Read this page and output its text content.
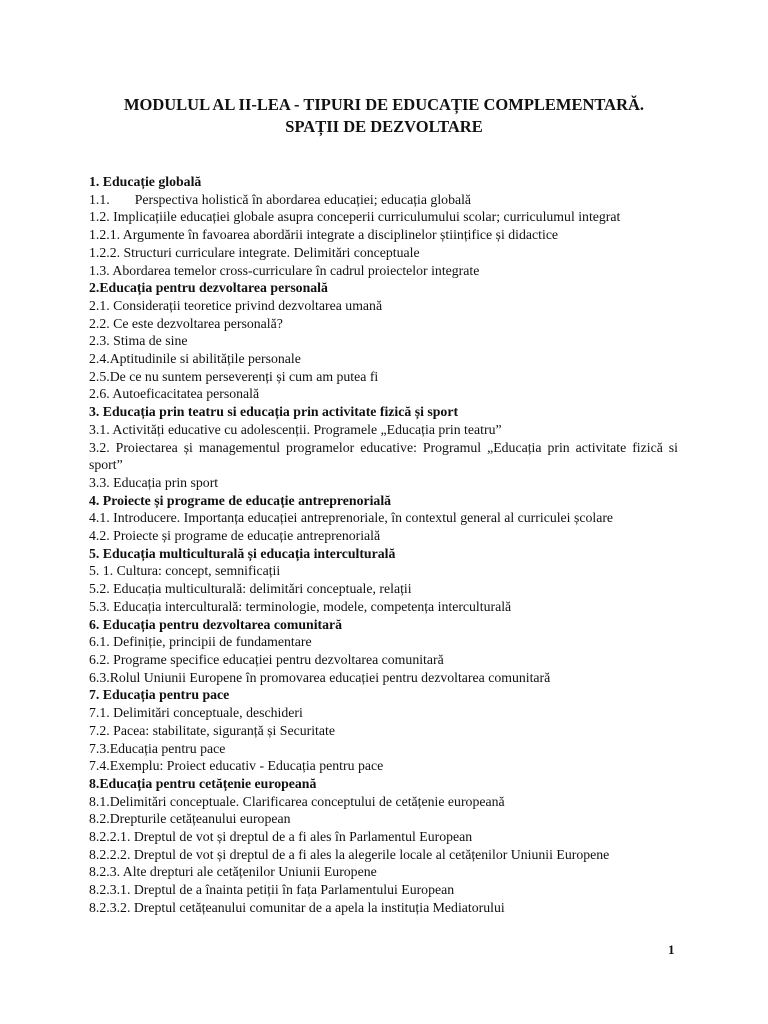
MODULUL AL II-LEA - TIPURI DE EDUCAȚIE COMPLEMENTARĂ.
SPAȚII DE DEZVOLTARE
1. Educație globală
1.1. Perspectiva holistică în abordarea educației; educația globală
1.2. Implicațiile educației globale asupra conceperii curriculumului scolar; curriculumul integrat
1.2.1. Argumente în favoarea abordării integrate a disciplinelor științifice și didactice
1.2.2. Structuri curriculare integrate. Delimitări conceptuale
1.3. Abordarea temelor cross-curriculare în cadrul proiectelor integrate
2.Educația pentru dezvoltarea personală
2.1. Considerații teoretice privind dezvoltarea umană
2.2. Ce este dezvoltarea personală?
2.3. Stima de sine
2.4.Aptitudinile si abilitățile personale
2.5.De ce nu suntem perseverenți și cum am putea fi
2.6. Autoeficacitatea personală
3. Educația prin teatru si educația prin activitate fizică și sport
3.1. Activități educative cu adolescenții. Programele „Educația prin teatru”
3.2. Proiectarea și managementul programelor educative: Programul „Educația prin activitate fizică si sport”
3.3. Educația prin sport
4. Proiecte și programe de educație antreprenorială
4.1. Introducere. Importanța educației antreprenoriale, în contextul general al curriculei școlare
4.2. Proiecte și programe de educație antreprenorială
5. Educația multiculturală și educația interculturală
5. 1. Cultura: concept, semnificații
5.2. Educația multiculturală: delimitări conceptuale, relații
5.3. Educația interculturală: terminologie, modele, competența interculturală
6. Educația pentru dezvoltarea comunitară
6.1. Definiție, principii de fundamentare
6.2. Programe specifice educației pentru dezvoltarea comunitară
6.3.Rolul Uniunii Europene în promovarea educației pentru dezvoltarea comunitară
7. Educația pentru pace
7.1. Delimitări conceptuale, deschideri
7.2. Pacea: stabilitate, siguranță și Securitate
7.3.Educația pentru pace
7.4.Exemplu: Proiect educativ - Educația pentru pace
8.Educația pentru cetățenie europeană
8.1.Delimitări conceptuale. Clarificarea conceptului de cetățenie europeană
8.2.Drepturile cetățeanului european
8.2.2.1. Dreptul de vot și dreptul de a fi ales în Parlamentul European
8.2.2.2. Dreptul de vot și dreptul de a fi ales la alegerile locale al cetățenilor Uniunii Europene
8.2.3. Alte drepturi ale cetățenilor Uniunii Europene
8.2.3.1. Dreptul de a înainta petiții în fața Parlamentului European
8.2.3.2. Dreptul cetățeanului comunitar de a apela la instituția Mediatorului
1
